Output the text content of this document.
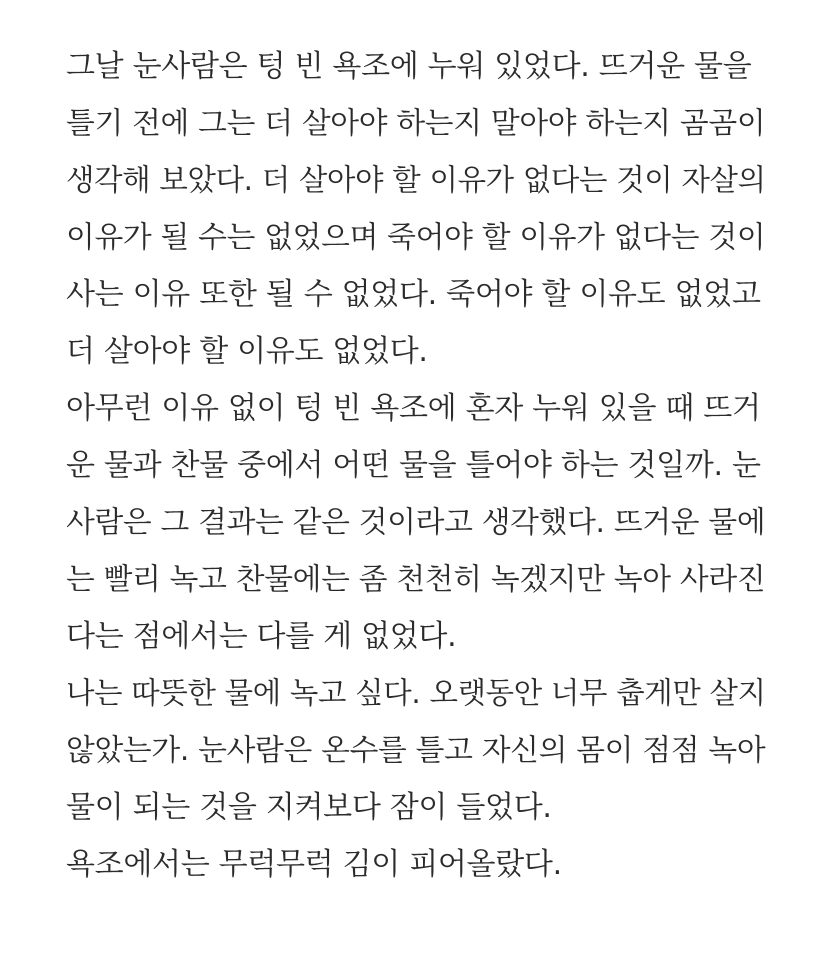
그날 눈사람은 텅 빈 욕조에 누워 있었다. 뜨거운 물을
틀기 전에 그는 더 살아야 하는지 말아야 하는지 곰곰이
생각해 보았다. 더 살아야 할 이유가 없다는 것이 자살의
이유가 될 수는 없었으며 죽어야 할 이유가 없다는 것이
사는 이유 또한 될 수 없었다. 죽어야 할 이유도 없었고
더 살아야 할 이유도 없었다.
아무런 이유 없이 텅 빈 욕조에 혼자 누워 있을 때 뜨거
운 물과 찬물 중에서 어떤 물을 틀어야 하는 것일까. 눈
사람은 그 결과는 같은 것이라고 생각했다. 뜨거운 물에
는 빨리 녹고 찬물에는 좀 천천히 녹겠지만 녹아 사라진
다는 점에서는 다를 게 없었다.
나는 따뜻한 물에 녹고 싶다. 오랫동안 너무 춥게만 살지
않았는가. 눈사람은 온수를 틀고 자신의 몸이 점점 녹아
물이 되는 것을 지켜보다 잠이 들었다.
욕조에서는 무럭무럭 김이 피어올랐다.
